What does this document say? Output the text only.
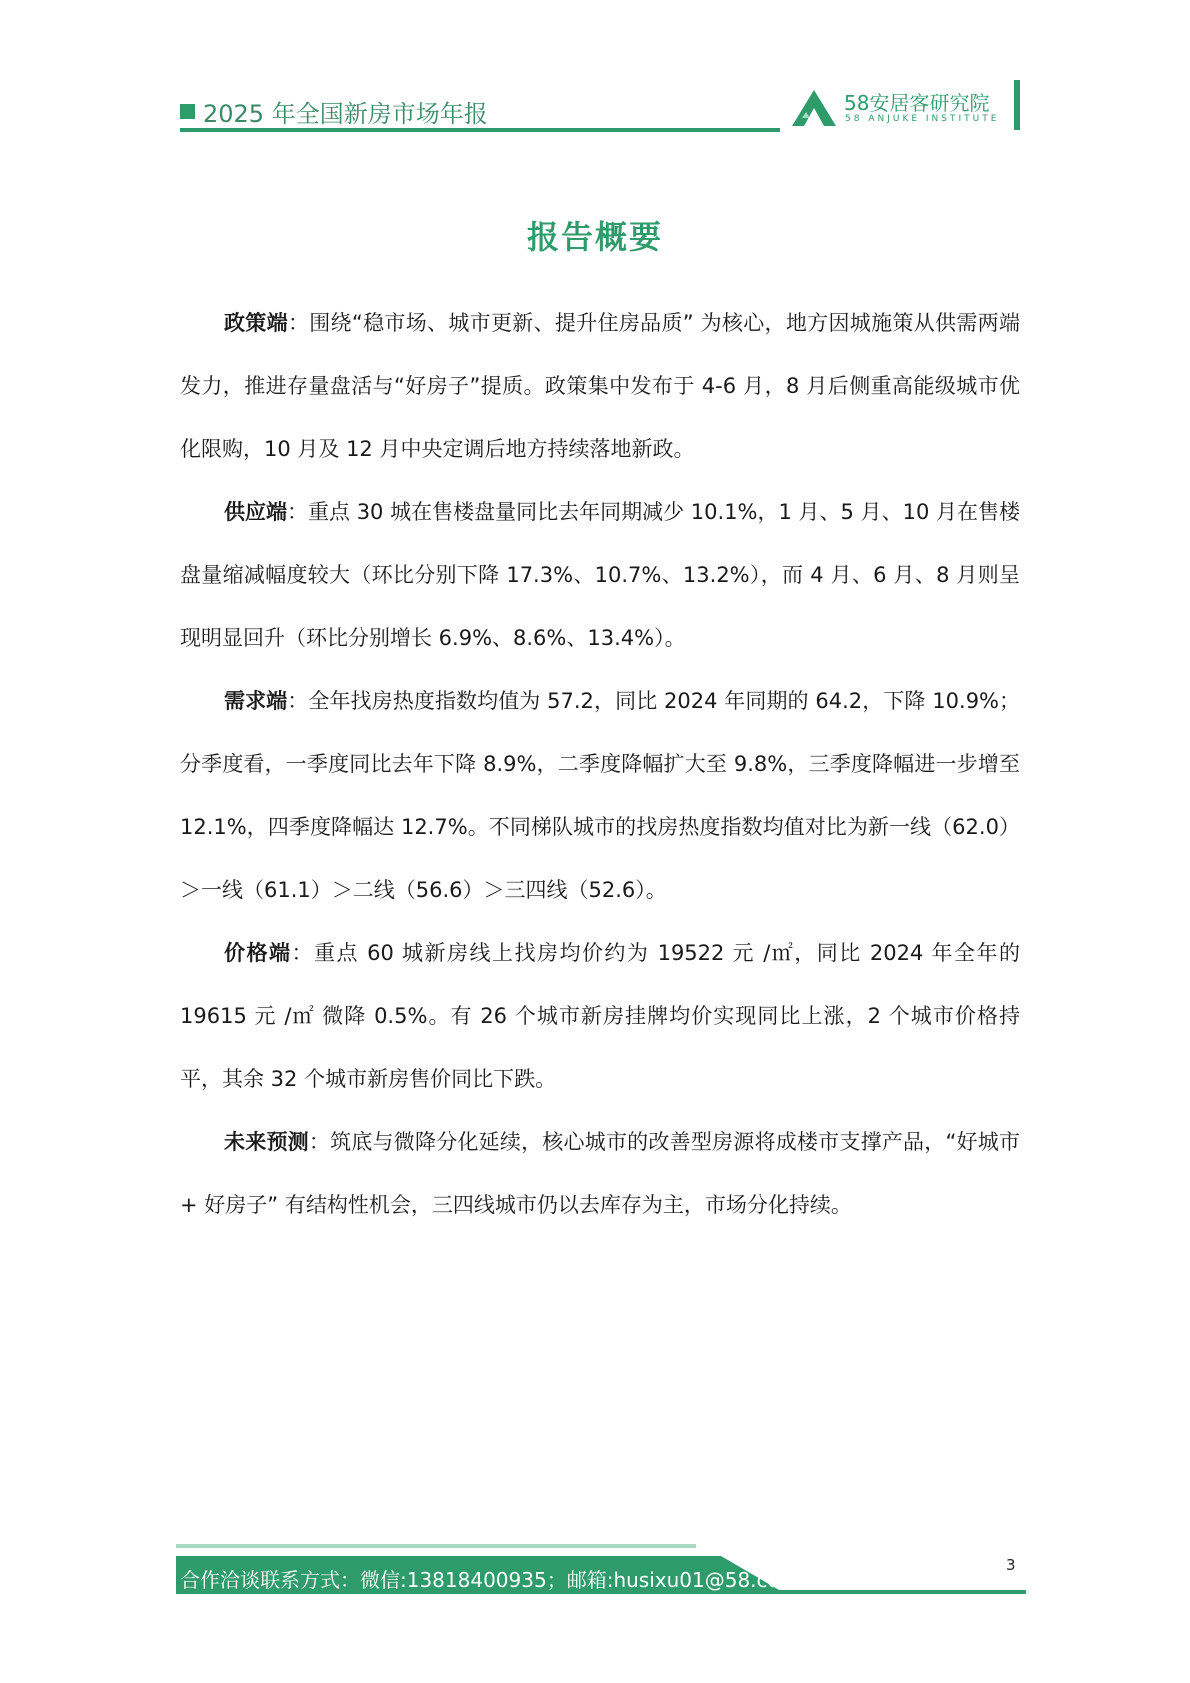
2025 年全国新房市场年报	58安居客研究院
58 ANJUKE INSTITUTE
报告概要

政策端：围绕“稳市场、城市更新、提升住房品质” 为核心，地方因城施策从供需两端发力，推进存量盘活与“好房子”提质。政策集中发布于 4-6 月，8 月后侧重高能级城市优化限购，10 月及 12 月中央定调后地方持续落地新政。

供应端：重点 30 城在售楼盘量同比去年同期减少 10.1%，1 月、5 月、10 月在售楼盘量缩减幅度较大（环比分别下降 17.3%、10.7%、13.2%），而 4 月、6 月、8 月则呈现明显回升（环比分别增长 6.9%、8.6%、13.4%）。

需求端：全年找房热度指数均值为 57.2，同比 2024 年同期的 64.2，下降 10.9%；分季度看，一季度同比去年下降 8.9%，二季度降幅扩大至 9.8%，三季度降幅进一步增至 12.1%，四季度降幅达 12.7%。不同梯队城市的找房热度指数均值对比为新一线（62.0）＞一线（61.1）＞二线（56.6）＞三四线（52.6）。

价格端：重点 60 城新房线上找房均价约为 19522 元 /㎡，同比 2024 年全年的 19615 元 /㎡ 微降 0.5%。有 26 个城市新房挂牌均价实现同比上涨，2 个城市价格持平，其余 32 个城市新房售价同比下跌。

未来预测：筑底与微降分化延续，核心城市的改善型房源将成楼市支撑产品，“好城市 + 好房子” 有结构性机会，三四线城市仍以去库存为主，市场分化持续。

合作洽谈联系方式：微信:13818400935；邮箱:husixu01@58.com；
3
